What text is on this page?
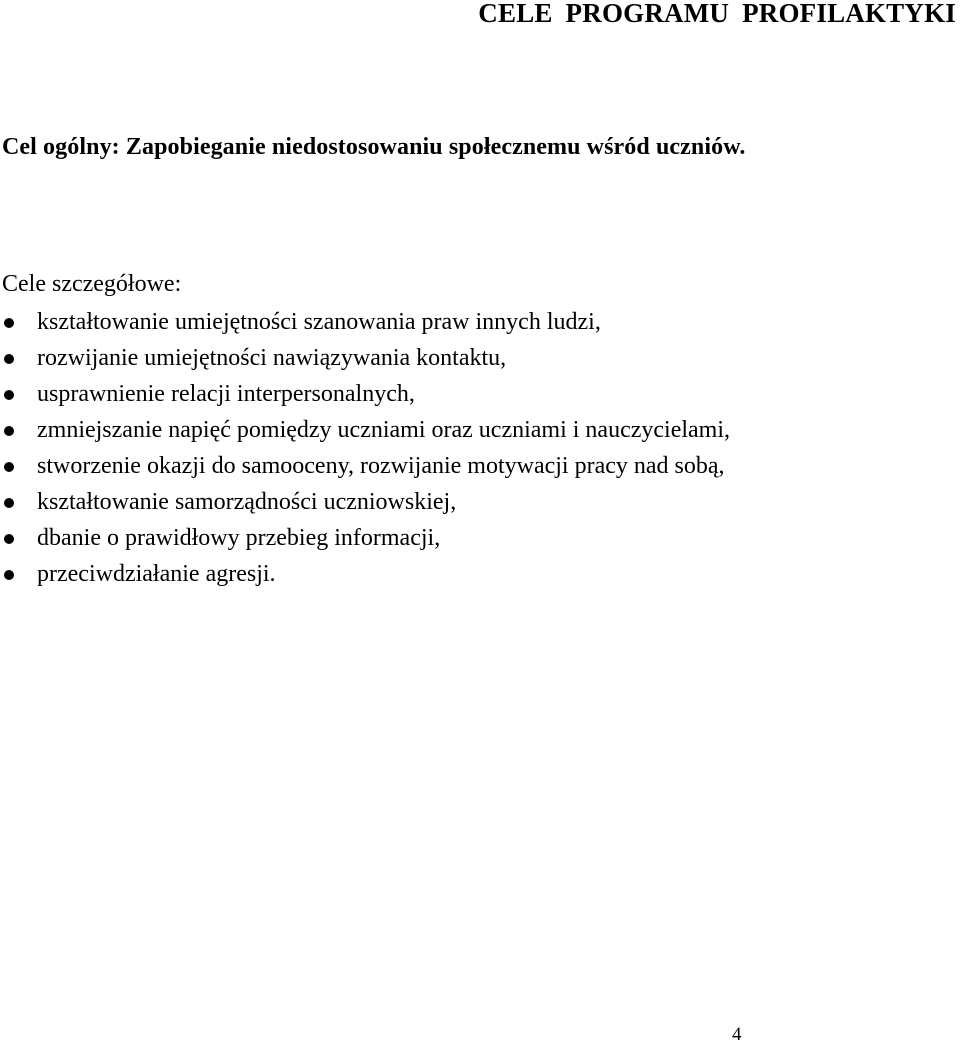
CELE PROGRAMU PROFILAKTYKI

Cel ogólny: Zapobieganie niedostosowaniu społecznemu wśród uczniów.

Cele szczegółowe:

kształtowanie umiejętności szanowania praw innych ludzi,
rozwijanie umiejętności nawiązywania kontaktu,
usprawnienie relacji interpersonalnych,
zmniejszanie napięć pomiędzy uczniami oraz uczniami i nauczycielami,
stworzenie okazji do samooceny, rozwijanie motywacji pracy nad sobą,
kształtowanie samorządności uczniowskiej,
dbanie o prawidłowy przebieg informacji,
przeciwdziałanie agresji.
4
